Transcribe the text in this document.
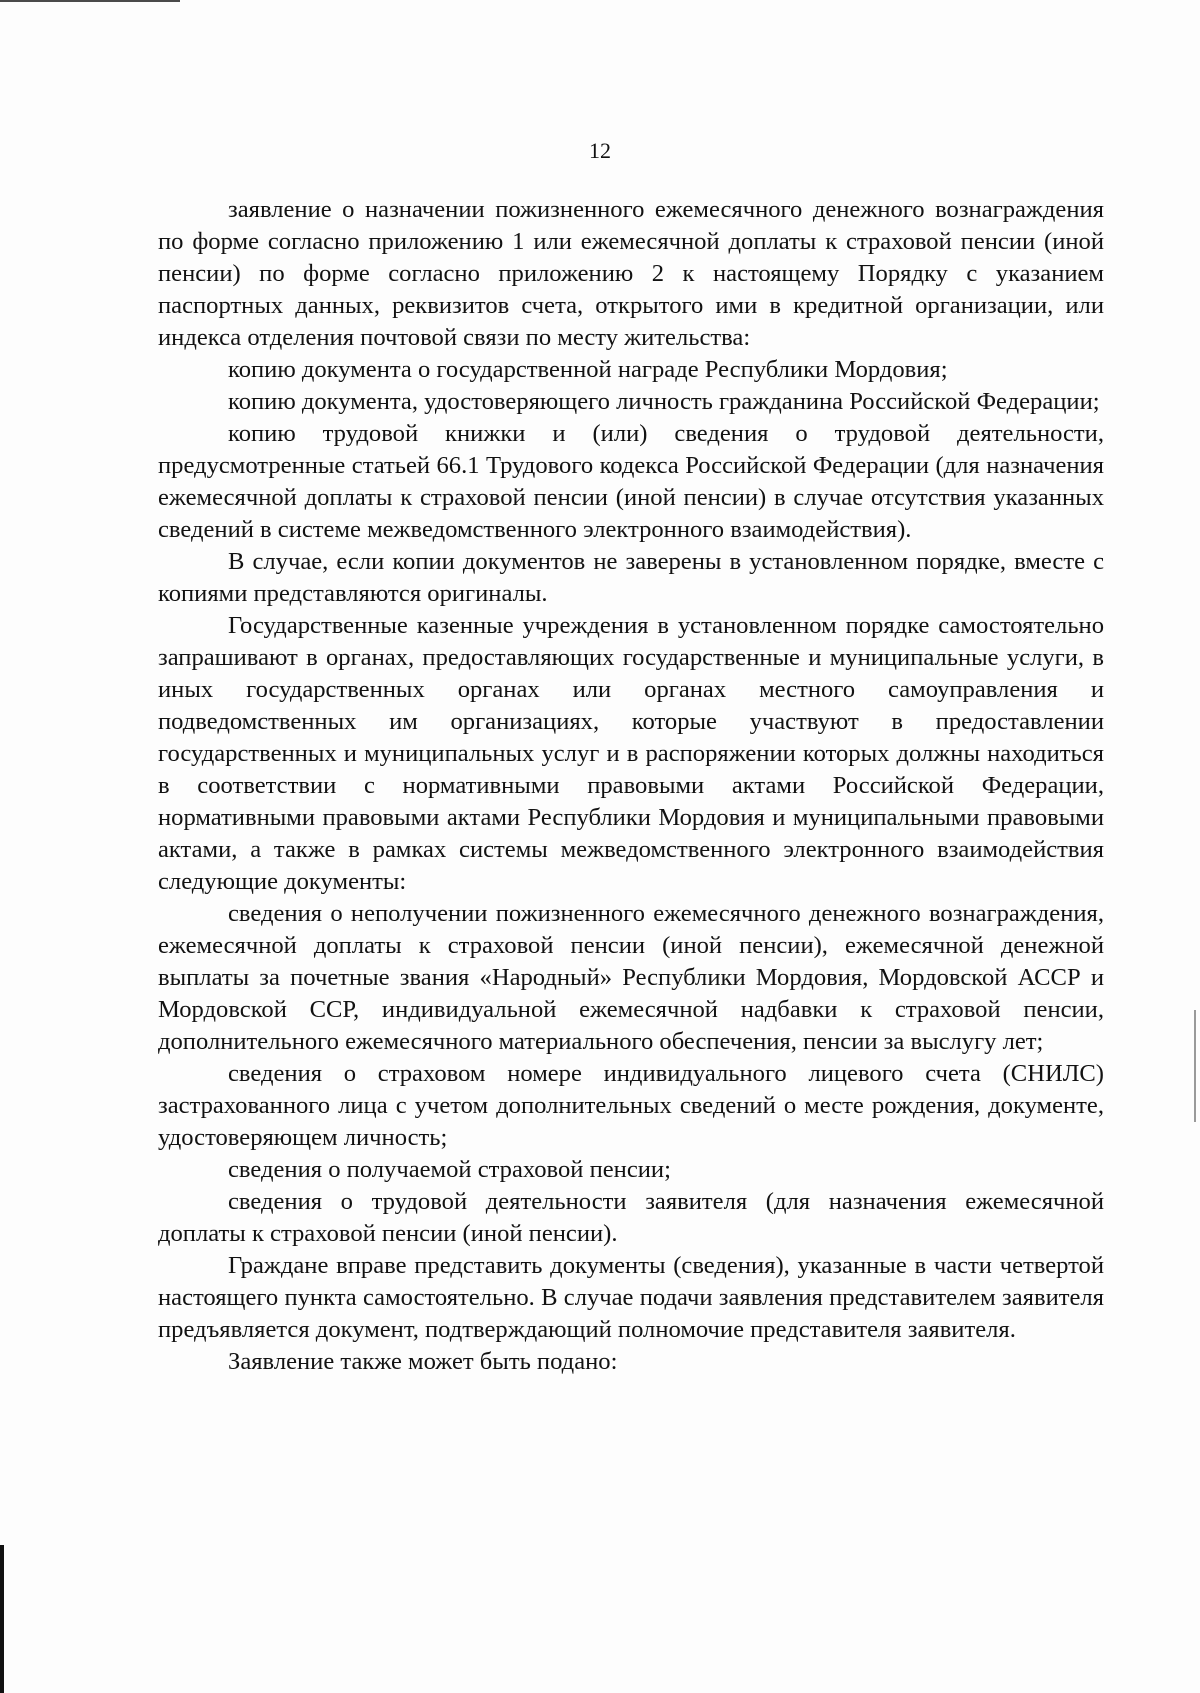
12

заявление о назначении пожизненного ежемесячного денежного вознаграждения по форме согласно приложению 1 или ежемесячной доплаты к страховой пенсии (иной пенсии) по форме согласно приложению 2 к настоящему Порядку с указанием паспортных данных, реквизитов счета, открытого ими в кредитной организации, или индекса отделения почтовой связи по месту жительства:

копию документа о государственной награде Республики Мордовия;

копию документа, удостоверяющего личность гражданина Российской Федерации;

копию трудовой книжки и (или) сведения о трудовой деятельности, предусмотренные статьей 66.1 Трудового кодекса Российской Федерации (для назначения ежемесячной доплаты к страховой пенсии (иной пенсии) в случае отсутствия указанных сведений в системе межведомственного электронного взаимодействия).

В случае, если копии документов не заверены в установленном порядке, вместе с копиями представляются оригиналы.

Государственные казенные учреждения в установленном порядке самостоятельно запрашивают в органах, предоставляющих государственные и муниципальные услуги, в иных государственных органах или органах местного самоуправления и подведомственных им организациях, которые участвуют в предоставлении государственных и муниципальных услуг и в распоряжении которых должны находиться в соответствии с нормативными правовыми актами Российской Федерации, нормативными правовыми актами Республики Мордовия и муниципальными правовыми актами, а также в рамках системы межведомственного электронного взаимодействия следующие документы:

сведения о неполучении пожизненного ежемесячного денежного вознаграждения, ежемесячной доплаты к страховой пенсии (иной пенсии), ежемесячной денежной выплаты за почетные звания «Народный» Республики Мордовия, Мордовской АССР и Мордовской ССР, индивидуальной ежемесячной надбавки к страховой пенсии, дополнительного ежемесячного материального обеспечения, пенсии за выслугу лет;

сведения о страховом номере индивидуального лицевого счета (СНИЛС) застрахованного лица с учетом дополнительных сведений о месте рождения, документе, удостоверяющем личность;

сведения о получаемой страховой пенсии;

сведения о трудовой деятельности заявителя (для назначения ежемесячной доплаты к страховой пенсии (иной пенсии).

Граждане вправе представить документы (сведения), указанные в части четвертой настоящего пункта самостоятельно. В случае подачи заявления представителем заявителя предъявляется документ, подтверждающий полномочие представителя заявителя.

Заявление также может быть подано:
